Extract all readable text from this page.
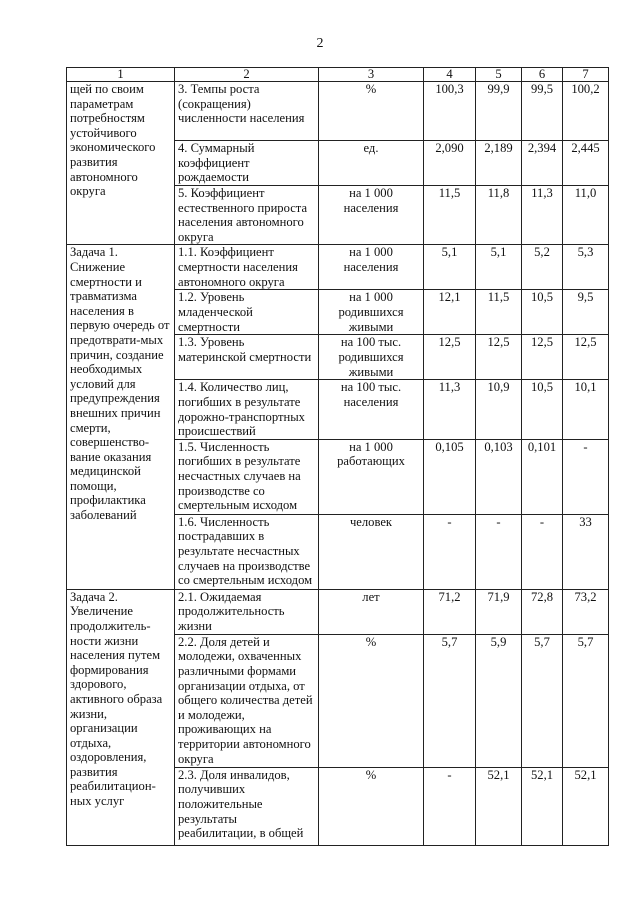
2
1	2	3	4	5	6	7
щей по своим параметрам потребностям устойчивого экономического развития автономного округа	3. Темпы роста (сокращения) численности населения	%	100,3	99,9	99,5	100,2
	4. Суммарный коэффициент рождаемости	ед.	2,090	2,189	2,394	2,445
	5. Коэффициент естественного прироста населения автономного округа	на 1 000 населения	11,5	11,8	11,3	11,0
Задача 1. Снижение смертности и травматизма населения в первую очередь от предотврати-мых причин, создание необходимых условий для предупреждения внешних причин смерти, совершенство-вание оказания медицинской помощи, профилактика заболеваний	1.1. Коэффициент смертности населения автономного округа	на 1 000 населения	5,1	5,1	5,2	5,3
	1.2. Уровень младенческой смертности	на 1 000 родившихся живыми	12,1	11,5	10,5	9,5
	1.3. Уровень материнской смертности	на 100 тыс. родившихся живыми	12,5	12,5	12,5	12,5
	1.4. Количество лиц, погибших в результате дорожно-транспортных происшествий	на 100 тыс. населения	11,3	10,9	10,5	10,1
	1.5. Численность погибших в результате несчастных случаев на производстве со смертельным исходом	на 1 000 работающих	0,105	0,103	0,101	-
	1.6. Численность пострадавших в результате несчастных случаев на производстве со смертельным исходом	человек	-	-	-	33
Задача 2. Увеличение продолжитель-ности жизни населения путем формирования здорового, активного образа жизни, организации отдыха, оздоровления, развития реабилитацион-ных услуг	2.1. Ожидаемая продолжительность жизни	лет	71,2	71,9	72,8	73,2
	2.2. Доля детей и молодежи, охваченных различными формами организации отдыха, от общего количества детей и молодежи, проживающих на территории автономного округа	%	5,7	5,9	5,7	5,7
	2.3. Доля инвалидов, получивших положительные результаты реабилитации, в общей	%	-	52,1	52,1	52,1
